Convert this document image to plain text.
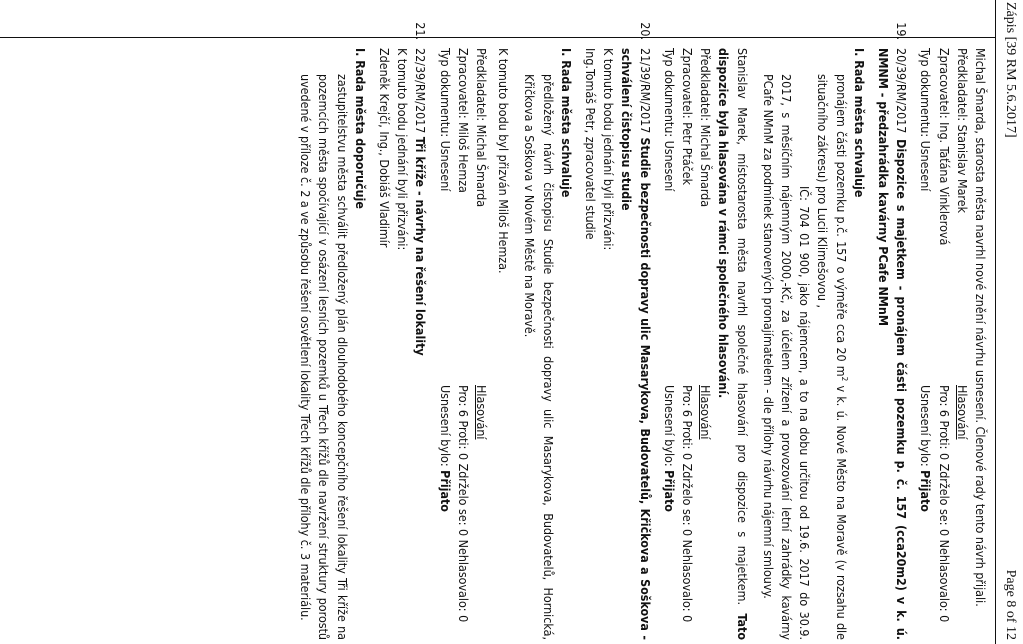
Zápis [39 RM 5.6.2017]
Page 8 of 12

Michal Šmarda, starosta města navrhl nové znění návrhu usnesení. Členové rady tento návrh přijali.

Předkladatel: Stanislav Marek
Hlasování
Zpracovatel: Ing. Taťána Vinklerová
Pro: 6 Proti: 0 Zdrželo se: 0 Nehlasovalo: 0
Typ dokumentu: Usnesení
Usnesení bylo: Přijato
19.

20/39/RM/2017 Dispozice s majetkem - pronájem části pozemku p. č. 157 (cca20m2) v k. ú. NMNM - předzahrádka kavárny PCafe NMnM

I. Rada města schvaluje

pronájem části pozemku p.č. 157 o výměře cca 20 $m^2$ v k. ú. Nové Město na Moravě (v rozsahu dle situačního zákresu) pro Lucii Klimešovou ,

IČ: 704 01 900, jako nájemcem, a to na dobu určitou od 19.6. 2017 do 30.9. 2017, s měsíčním nájemným 2000,-Kč, za účelem zřízení a provozování letní zahrádky kavárny PCafe NMnM za podmínek stanovených pronajímatelem - dle přílohy návrhu nájemní smlouvy.

Stanislav Marek, místostarosta města navrhl společné hlasování pro dispozice s majetkem. Tato dispozice byla hlasována v rámci společného hlasování.

Předkladatel: Michal Šmarda
Hlasování
Zpracovatel: Petr Ptáček
Pro: 6 Proti: 0 Zdrželo se: 0 Nehlasovalo: 0
Typ dokumentu: Usnesení
Usnesení bylo: Přijato
20.

21/39/RM/2017 Studie bezpečnosti dopravy ulic Masarykova, Budovatelů, Křičkova a Soškova - schválení čistopisu studie

K tomuto bodu jednání byli přizváni:
Ing.Tomáš Petr, zpracovatel studie
I. Rada města schvaluje

předložený návrh čistopisu Studie bezpečnosti dopravy ulic Masarykova, Budovatelů, Hornická, Křičkova a Soškova v Novém Městě na Moravě.

K tomuto bodu byl přizván Miloš Hemza.

Předkladatel: Michal Šmarda
Hlasování
Zpracovatel: Miloš Hemza
Pro: 6 Proti: 0 Zdrželo se: 0 Nehlasovalo: 0
Typ dokumentu: Usnesení
Usnesení bylo: Přijato
21.

22/39/RM/2017 Tři kříže - návrhy na řešení lokality

K tomuto bodu jednání byli přizváni:
Zdeněk Krejčí, Ing., Dobiáš Vladimír
I. Rada města doporučuje

zastupitelstvu města schválit předložený plán dlouhodobého koncepčního řešení lokality Tři kříže na pozemcích města spočívající v osázení lesních pozemků u Třech křížů dle navržení struktury porostů uvedené v příloze č. 2 a ve způsobu řešení osvětlení lokality Třech křížů dle přílohy č. 3 materiálu.
